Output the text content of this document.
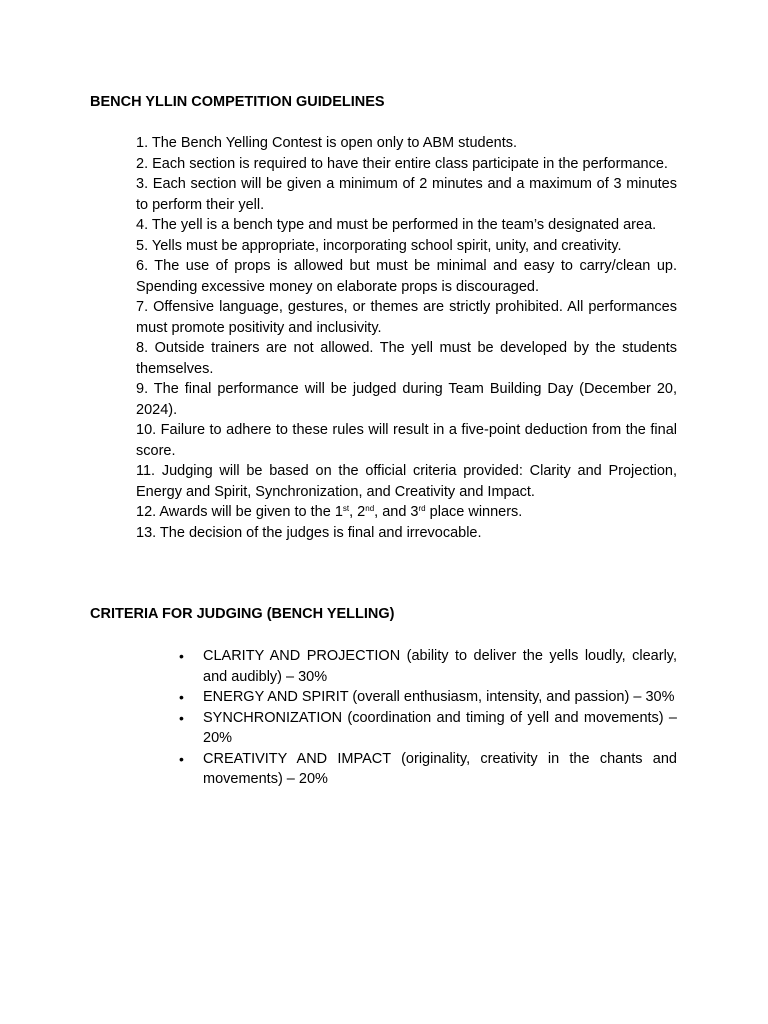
BENCH YLLIN COMPETITION GUIDELINES
1. The Bench Yelling Contest is open only to ABM students.
2. Each section is required to have their entire class participate in the performance.
3. Each section will be given a minimum of 2 minutes and a maximum of 3 minutes to perform their yell.
4. The yell is a bench type and must be performed in the team’s designated area.
5. Yells must be appropriate, incorporating school spirit, unity, and creativity.
6. The use of props is allowed but must be minimal and easy to carry/clean up. Spending excessive money on elaborate props is discouraged.
7. Offensive language, gestures, or themes are strictly prohibited. All performances must promote positivity and inclusivity.
8. Outside trainers are not allowed. The yell must be developed by the students themselves.
9. The final performance will be judged during Team Building Day (December 20, 2024).
10. Failure to adhere to these rules will result in a five-point deduction from the final score.
11. Judging will be based on the official criteria provided: Clarity and Projection, Energy and Spirit, Synchronization, and Creativity and Impact.
12. Awards will be given to the 1st, 2nd, and 3rd place winners.
13. The decision of the judges is final and irrevocable.
CRITERIA FOR JUDGING (BENCH YELLING)
• CLARITY AND PROJECTION (ability to deliver the yells loudly, clearly, and audibly) – 30%
• ENERGY AND SPIRIT (overall enthusiasm, intensity, and passion) – 30%
• SYNCHRONIZATION (coordination and timing of yell and movements) – 20%
• CREATIVITY AND IMPACT (originality, creativity in the chants and movements) – 20%
